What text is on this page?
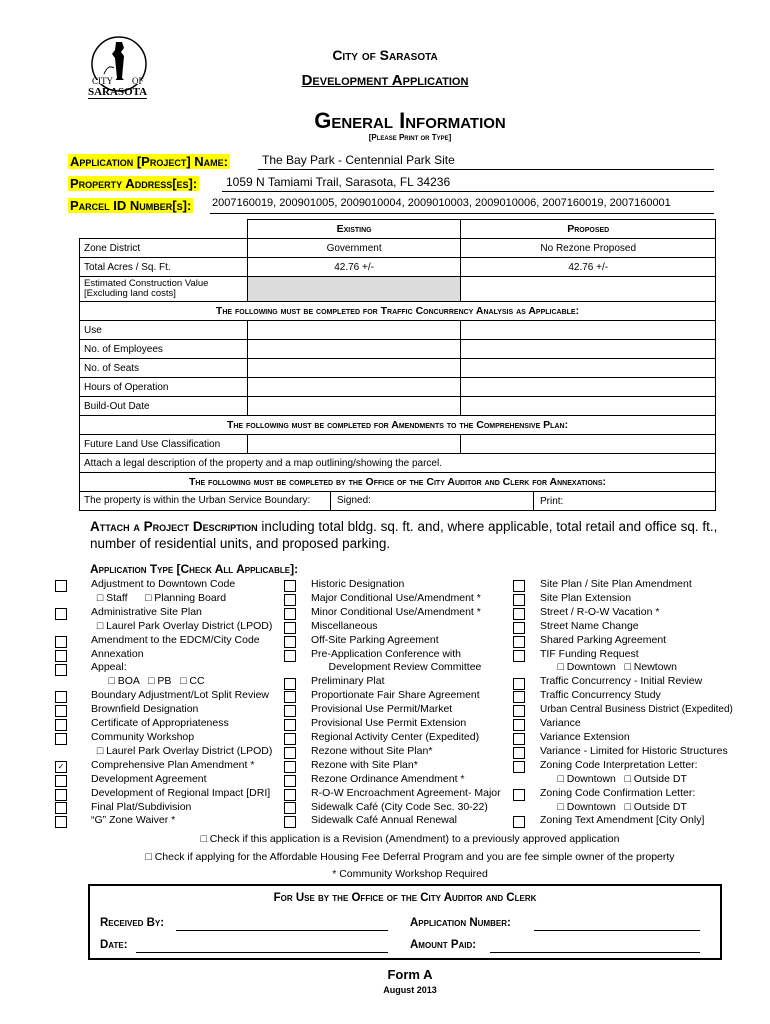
CITY OF
SARASOTA
City of Sarasota
Development Application
General Information
[Please Print or Type]
Application [Project] Name:	The Bay Park - Centennial Park Site
Property Address[es]: 1059 N Tamiami Trail, Sarasota, FL 34236
Parcel ID Number[s]: 2007160019, 200901005, 2009010004, 2009010003, 2009010006, 2007160019, 2007160001
	Existing	Proposed
Zone District	Government	No Rezone Proposed
Total Acres / Sq. Ft.	42.76 +/-	42.76 +/-
Estimated Construction Value [Excluding land costs]		
The following must be completed for Traffic Concurrency Analysis as Applicable:		
Use		
No. of Employees		
No. of Seats		
Hours of Operation		
Build-Out Date		
The following must be completed for Amendments to the Comprehensive Plan:		
Future Land Use Classification		
Attach a legal description of the property and a map outlining/showing the parcel.		
The following must be completed by the Office of the City Auditor and Clerk for Annexations:		

The property is within the Urban Service Boundary: Signed: Print:		
Attach a Project Description including total bldg. sq. ft. and, where applicable, total retail and office sq. ft., number of residential units, and proposed parking.
Application Type [Check All Applicable]:
✓
Adjustment to Downtown Code
□ Staff      □ Planning Board
Administrative Site Plan
□ Laurel Park Overlay District (LPOD)
Amendment to the EDCM/City Code
Annexation
Appeal:
□ BOA   □ PB   □ CC
Boundary Adjustment/Lot Split Review
Brownfield Designation
Certificate of Appropriateness
Community Workshop
□ Laurel Park Overlay District (LPOD)
Comprehensive Plan Amendment *
Development Agreement
Development of Regional Impact [DRI]
Final Plat/Subdivision
“G” Zone Waiver *
Historic Designation
Major Conditional Use/Amendment *
Minor Conditional Use/Amendment *
Miscellaneous
Off-Site Parking Agreement
Pre-Application Conference with
Development Review Committee
Preliminary Plat
Proportionate Fair Share Agreement
Provisional Use Permit/Market
Provisional Use Permit Extension
Regional Activity Center (Expedited)
Rezone without Site Plan*
Rezone with Site Plan*
Rezone Ordinance Amendment *
R-O-W Encroachment Agreement- Major
Sidewalk Café (City Code Sec. 30-22)
Sidewalk Café Annual Renewal
Site Plan / Site Plan Amendment
Site Plan Extension
Street / R-O-W Vacation *
Street Name Change
Shared Parking Agreement
TIF Funding Request
□ Downtown   □ Newtown
Traffic Concurrency - Initial Review
Traffic Concurrency Study
Urban Central Business District (Expedited)
Variance
Variance Extension
Variance - Limited for Historic Structures
Zoning Code Interpretation Letter:
□ Downtown   □ Outside DT
Zoning Code Confirmation Letter:
□ Downtown   □ Outside DT
Zoning Text Amendment [City Only]
□ Check if this application is a Revision (Amendment) to a previously approved application
□ Check if applying for the Affordable Housing Fee Deferral Program and you are fee simple owner of the property
* Community Workshop Required
For Use by the Office of the City Auditor and Clerk
Received By:	Application Number:
Date:	Amount Paid:
Form A
August 2013
